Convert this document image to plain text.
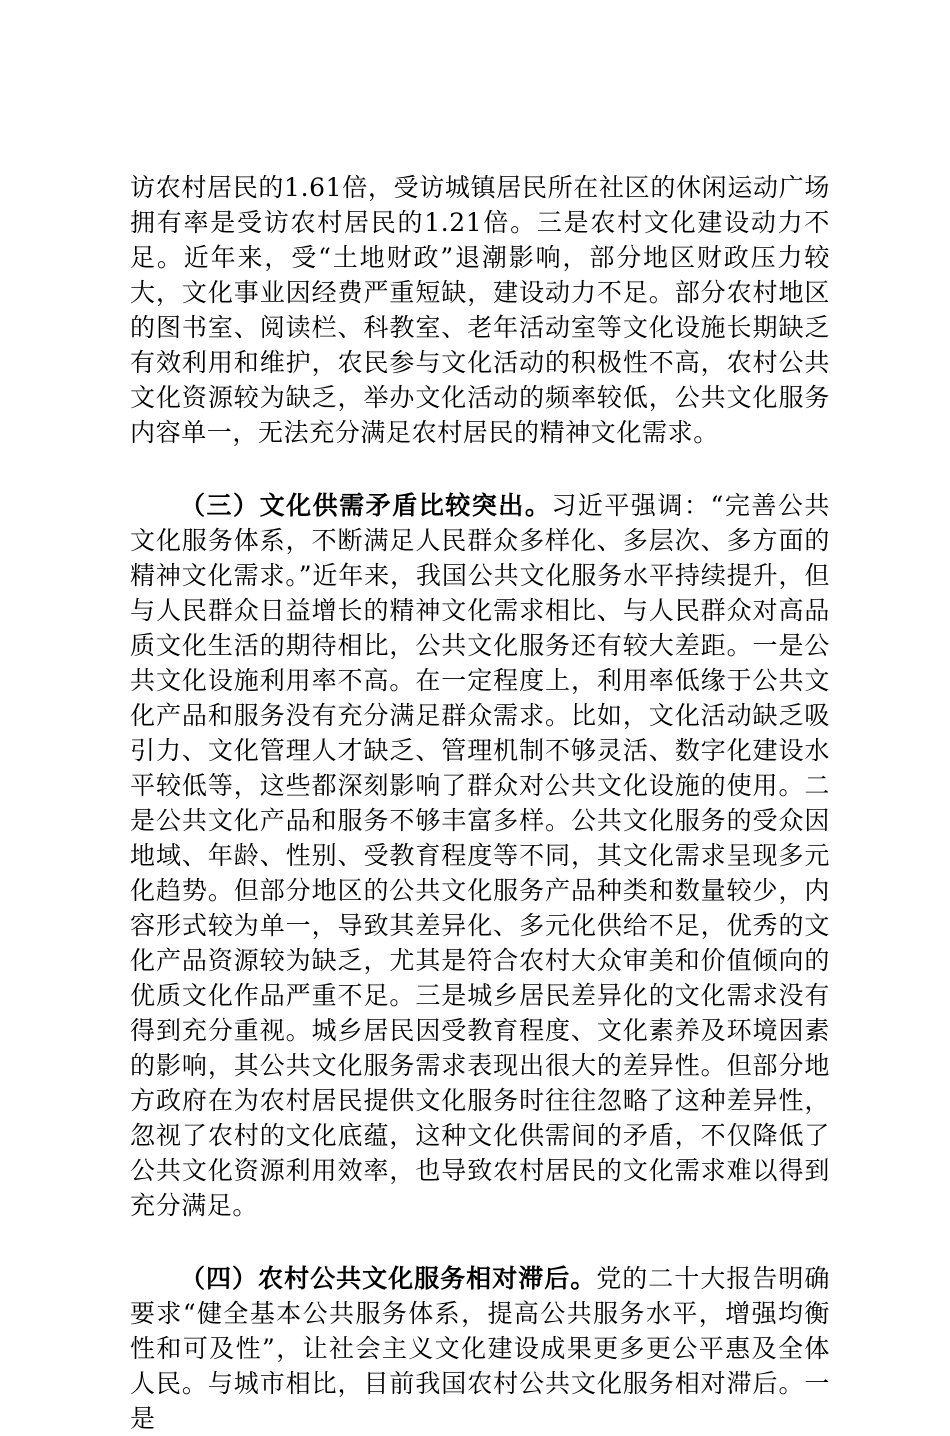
访农村居民的1.61倍，受访城镇居民所在社区的休闲运动广场拥有率是受访农村居民的1.21倍。三是农村文化建设动力不足。近年来，受“土地财政”退潮影响，部分地区财政压力较大，文化事业因经费严重短缺，建设动力不足。部分农村地区的图书室、阅读栏、科教室、老年活动室等文化设施长期缺乏有效利用和维护，农民参与文化活动的积极性不高，农村公共文化资源较为缺乏，举办文化活动的频率较低，公共文化服务内容单一，无法充分满足农村居民的精神文化需求。

（三）文化供需矛盾比较突出。习近平强调：“完善公共文化服务体系，不断满足人民群众多样化、多层次、多方面的精神文化需求。”近年来，我国公共文化服务水平持续提升，但与人民群众日益增长的精神文化需求相比、与人民群众对高品质文化生活的期待相比，公共文化服务还有较大差距。一是公共文化设施利用率不高。在一定程度上，利用率低缘于公共文化产品和服务没有充分满足群众需求。比如，文化活动缺乏吸引力、文化管理人才缺乏、管理机制不够灵活、数字化建设水平较低等，这些都深刻影响了群众对公共文化设施的使用。二是公共文化产品和服务不够丰富多样。公共文化服务的受众因地域、年龄、性别、受教育程度等不同，其文化需求呈现多元化趋势。但部分地区的公共文化服务产品种类和数量较少，内容形式较为单一，导致其差异化、多元化供给不足，优秀的文化产品资源较为缺乏，尤其是符合农村大众审美和价值倾向的优质文化作品严重不足。三是城乡居民差异化的文化需求没有得到充分重视。城乡居民因受教育程度、文化素养及环境因素的影响，其公共文化服务需求表现出很大的差异性。但部分地方政府在为农村居民提供文化服务时往往忽略了这种差异性，忽视了农村的文化底蕴，这种文化供需间的矛盾，不仅降低了公共文化资源利用效率，也导致农村居民的文化需求难以得到充分满足。

（四）农村公共文化服务相对滞后。党的二十大报告明确要求“健全基本公共服务体系，提高公共服务水平，增强均衡性和可及性”，让社会主义文化建设成果更多更公平惠及全体人民。与城市相比，目前我国农村公共文化服务相对滞后。一是
